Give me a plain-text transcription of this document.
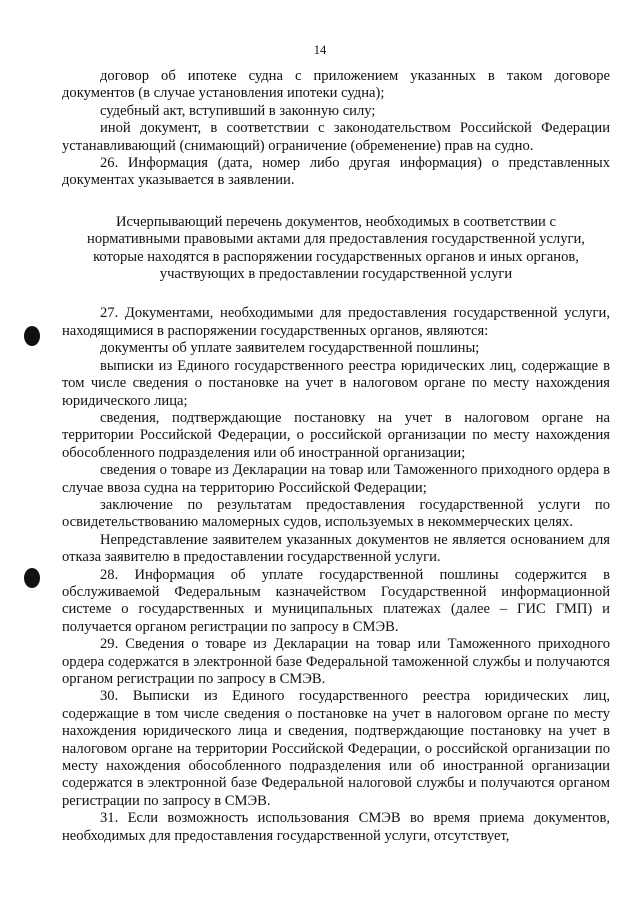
14

договор об ипотеке судна с приложением указанных в таком договоре документов (в случае установления ипотеки судна);

судебный акт, вступивший в законную силу;

иной документ, в соответствии с законодательством Российской Федерации устанавливающий (снимающий) ограничение (обременение) прав на судно.

26. Информация (дата, номер либо другая информация) о представленных документах указывается в заявлении.

Исчерпывающий перечень документов, необходимых в соответствии с
нормативными правовыми актами для предоставления государственной услуги,
которые находятся в распоряжении государственных органов и иных органов,
участвующих в предоставлении государственной услуги

27. Документами, необходимыми для предоставления государственной услуги, находящимися в распоряжении государственных органов, являются:

документы об уплате заявителем государственной пошлины;

выписки из Единого государственного реестра юридических лиц, содержащие в том числе сведения о постановке на учет в налоговом органе по месту нахождения юридического лица;

сведения, подтверждающие постановку на учет в налоговом органе на территории Российской Федерации, о российской организации по месту нахождения обособленного подразделения или об иностранной организации;

сведения о товаре из Декларации на товар или Таможенного приходного ордера в случае ввоза судна на территорию Российской Федерации;

заключение по результатам предоставления государственной услуги по освидетельствованию маломерных судов, используемых в некоммерческих целях.

Непредставление заявителем указанных документов не является основанием для отказа заявителю в предоставлении государственной услуги.

28. Информация об уплате государственной пошлины содержится в обслуживаемой Федеральным казначейством Государственной информационной системе о государственных и муниципальных платежах (далее – ГИС ГМП) и получается органом регистрации по запросу в СМЭВ.

29. Сведения о товаре из Декларации на товар или Таможенного приходного ордера содержатся в электронной базе Федеральной таможенной службы и получаются органом регистрации по запросу в СМЭВ.

30. Выписки из Единого государственного реестра юридических лиц, содержащие в том числе сведения о постановке на учет в налоговом органе по месту нахождения юридического лица и сведения, подтверждающие постановку на учет в налоговом органе на территории Российской Федерации, о российской организации по месту нахождения обособленного подразделения или об иностранной организации содержатся в электронной базе Федеральной налоговой службы и получаются органом регистрации по запросу в СМЭВ.

31. Если возможность использования СМЭВ во время приема документов, необходимых для предоставления государственной услуги, отсутствует,
